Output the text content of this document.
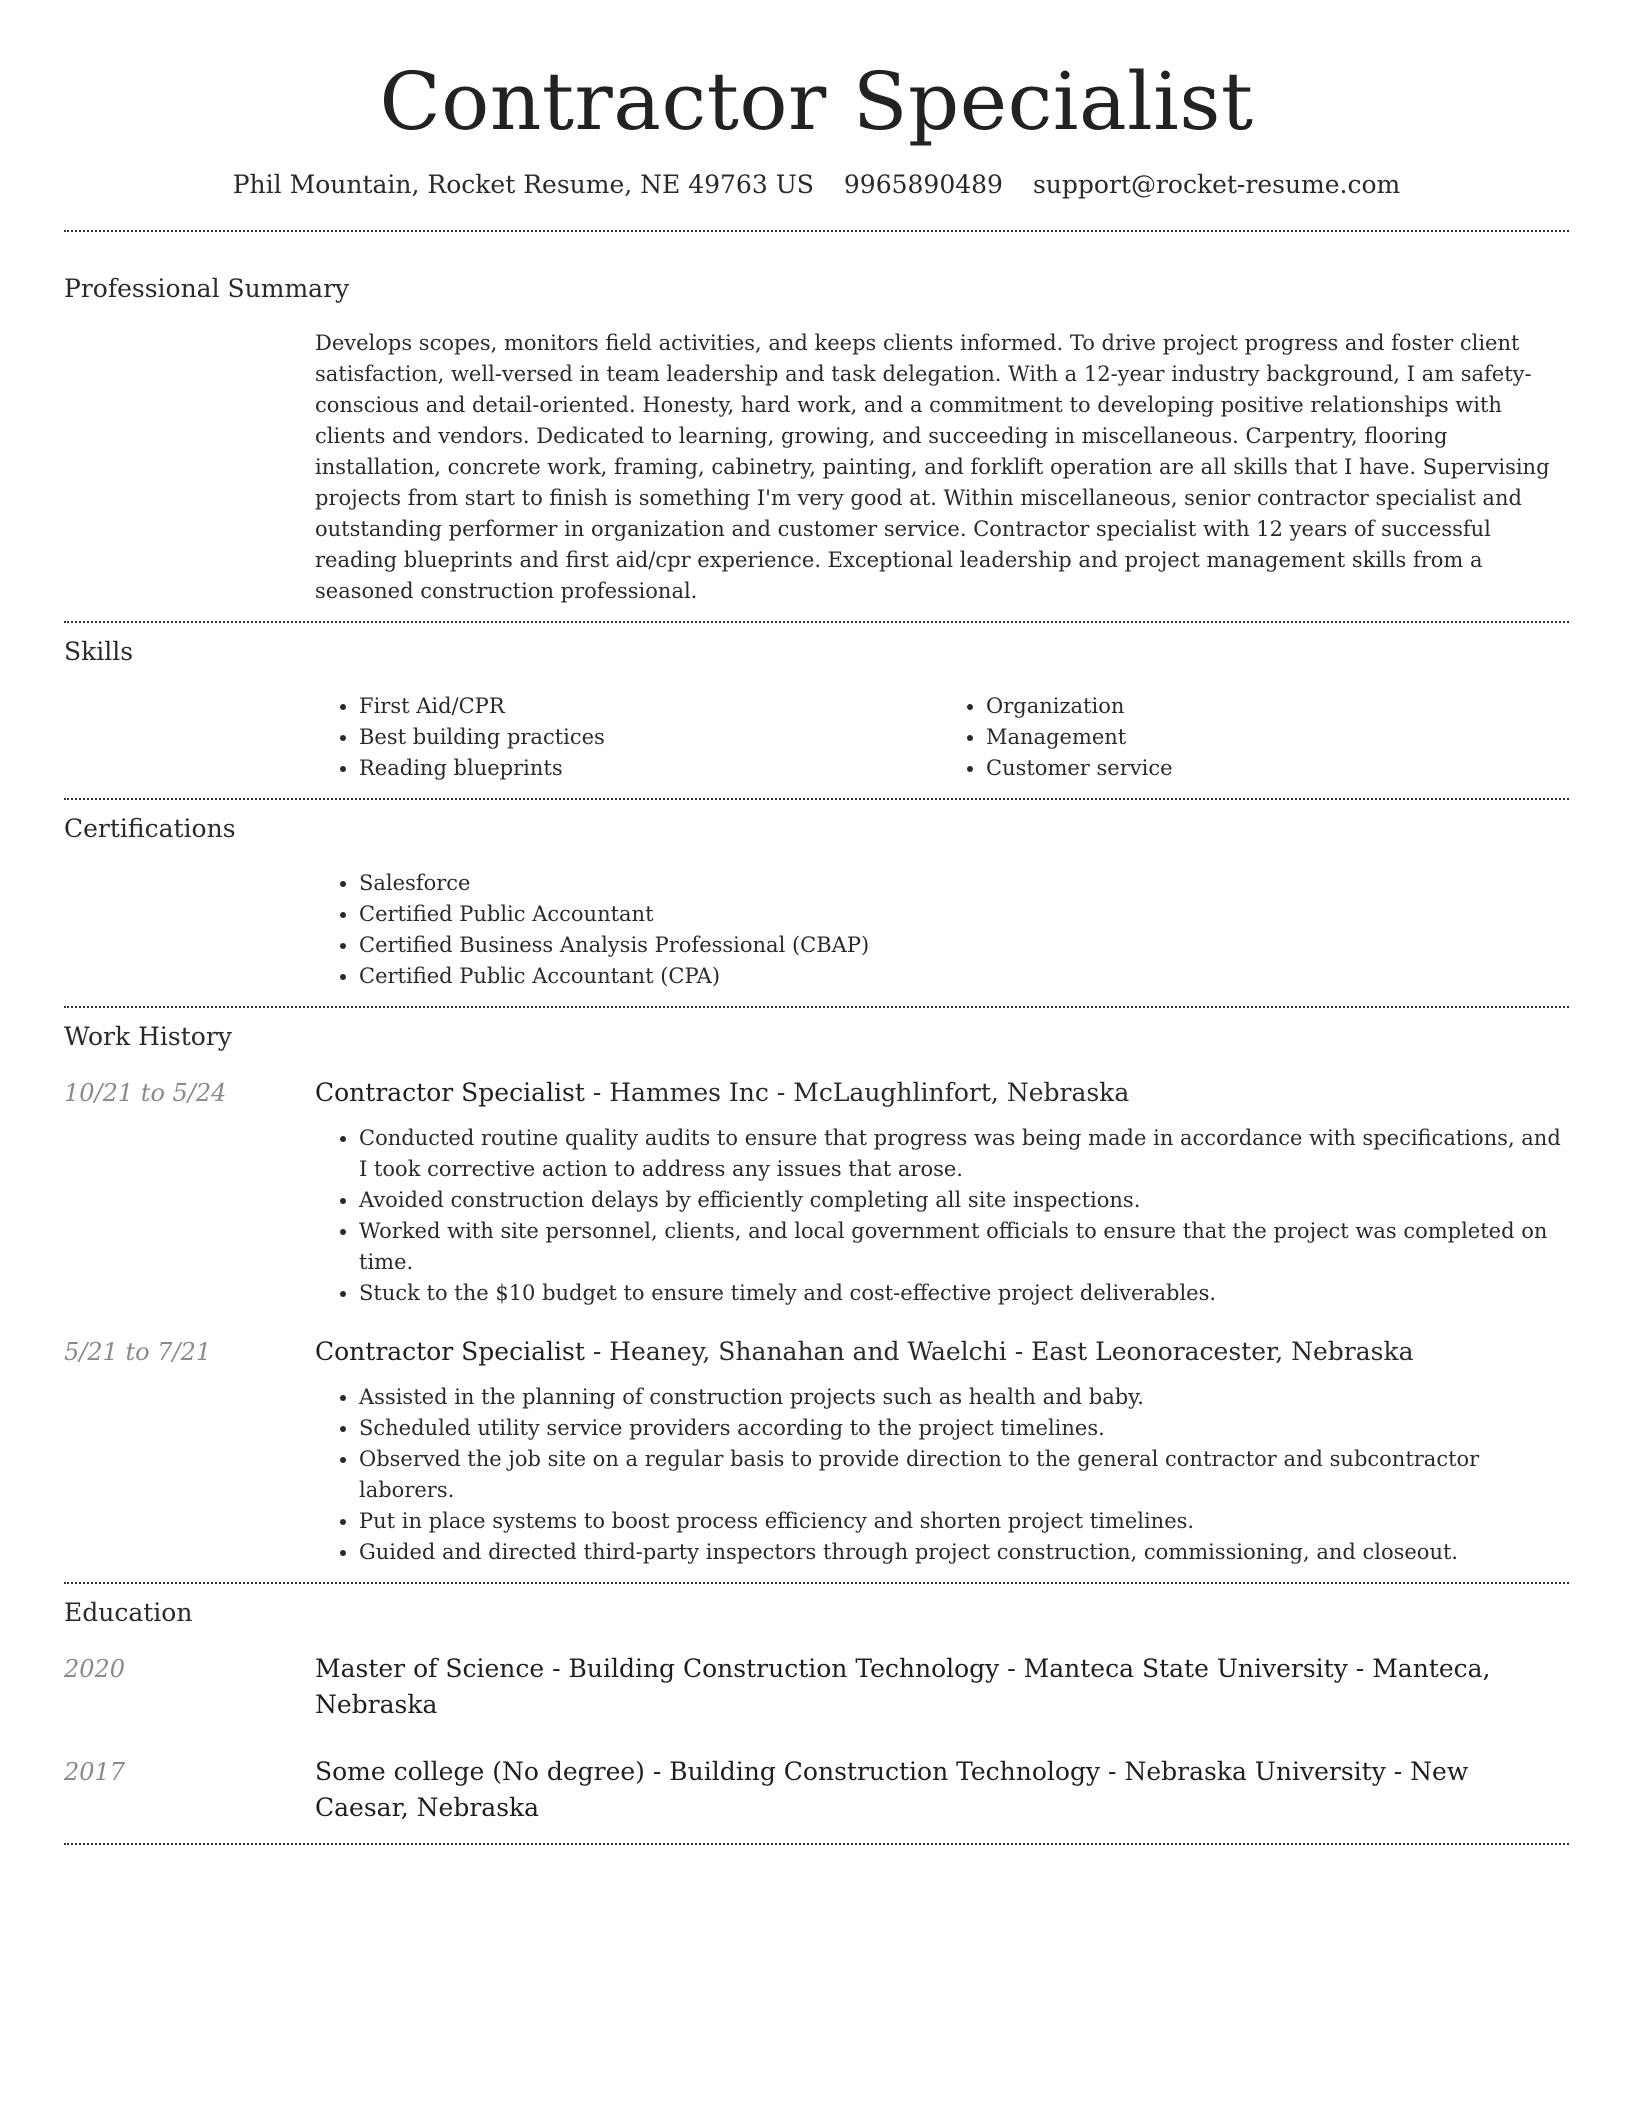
Contractor Specialist
Phil Mountain, Rocket Resume, NE 49763 US 9965890489 support@rocket-resume.com
Professional Summary

Develops scopes, monitors field activities, and keeps clients informed. To drive project progress and foster client satisfaction, well-versed in team leadership and task delegation. With a 12-year industry background, I am safety-conscious and detail-oriented. Honesty, hard work, and a commitment to developing positive relationships with clients and vendors. Dedicated to learning, growing, and succeeding in miscellaneous. Carpentry, flooring installation, concrete work, framing, cabinetry, painting, and forklift operation are all skills that I have. Supervising projects from start to finish is something I'm very good at. Within miscellaneous, senior contractor specialist and outstanding performer in organization and customer service. Contractor specialist with 12 years of successful reading blueprints and first aid/cpr experience. Exceptional leadership and project management skills from a seasoned construction professional.

Skills
• First Aid/CPR
• Best building practices
• Reading blueprints
• Organization
• Management
• Customer service
Certifications
• Salesforce
• Certified Public Accountant
• Certified Business Analysis Professional (CBAP)
• Certified Public Accountant (CPA)
Work History
10/21 to 5/24	Contractor Specialist - Hammes Inc - McLaughlinfort, Nebraska
• Conducted routine quality audits to ensure that progress was being made in accordance with specifications, and I took corrective action to address any issues that arose.
• Avoided construction delays by efficiently completing all site inspections.
• Worked with site personnel, clients, and local government officials to ensure that the project was completed on time.
• Stuck to the $10 budget to ensure timely and cost-effective project deliverables.
5/21 to 7/21	Contractor Specialist - Heaney, Shanahan and Waelchi - East Leonoracester, Nebraska
• Assisted in the planning of construction projects such as health and baby.
• Scheduled utility service providers according to the project timelines.
• Observed the job site on a regular basis to provide direction to the general contractor and subcontractor laborers.
• Put in place systems to boost process efficiency and shorten project timelines.
• Guided and directed third-party inspectors through project construction, commissioning, and closeout.
Education
2020	Master of Science - Building Construction Technology - Manteca State University - Manteca, Nebraska
2017	Some college (No degree) - Building Construction Technology - Nebraska University - New Caesar, Nebraska
